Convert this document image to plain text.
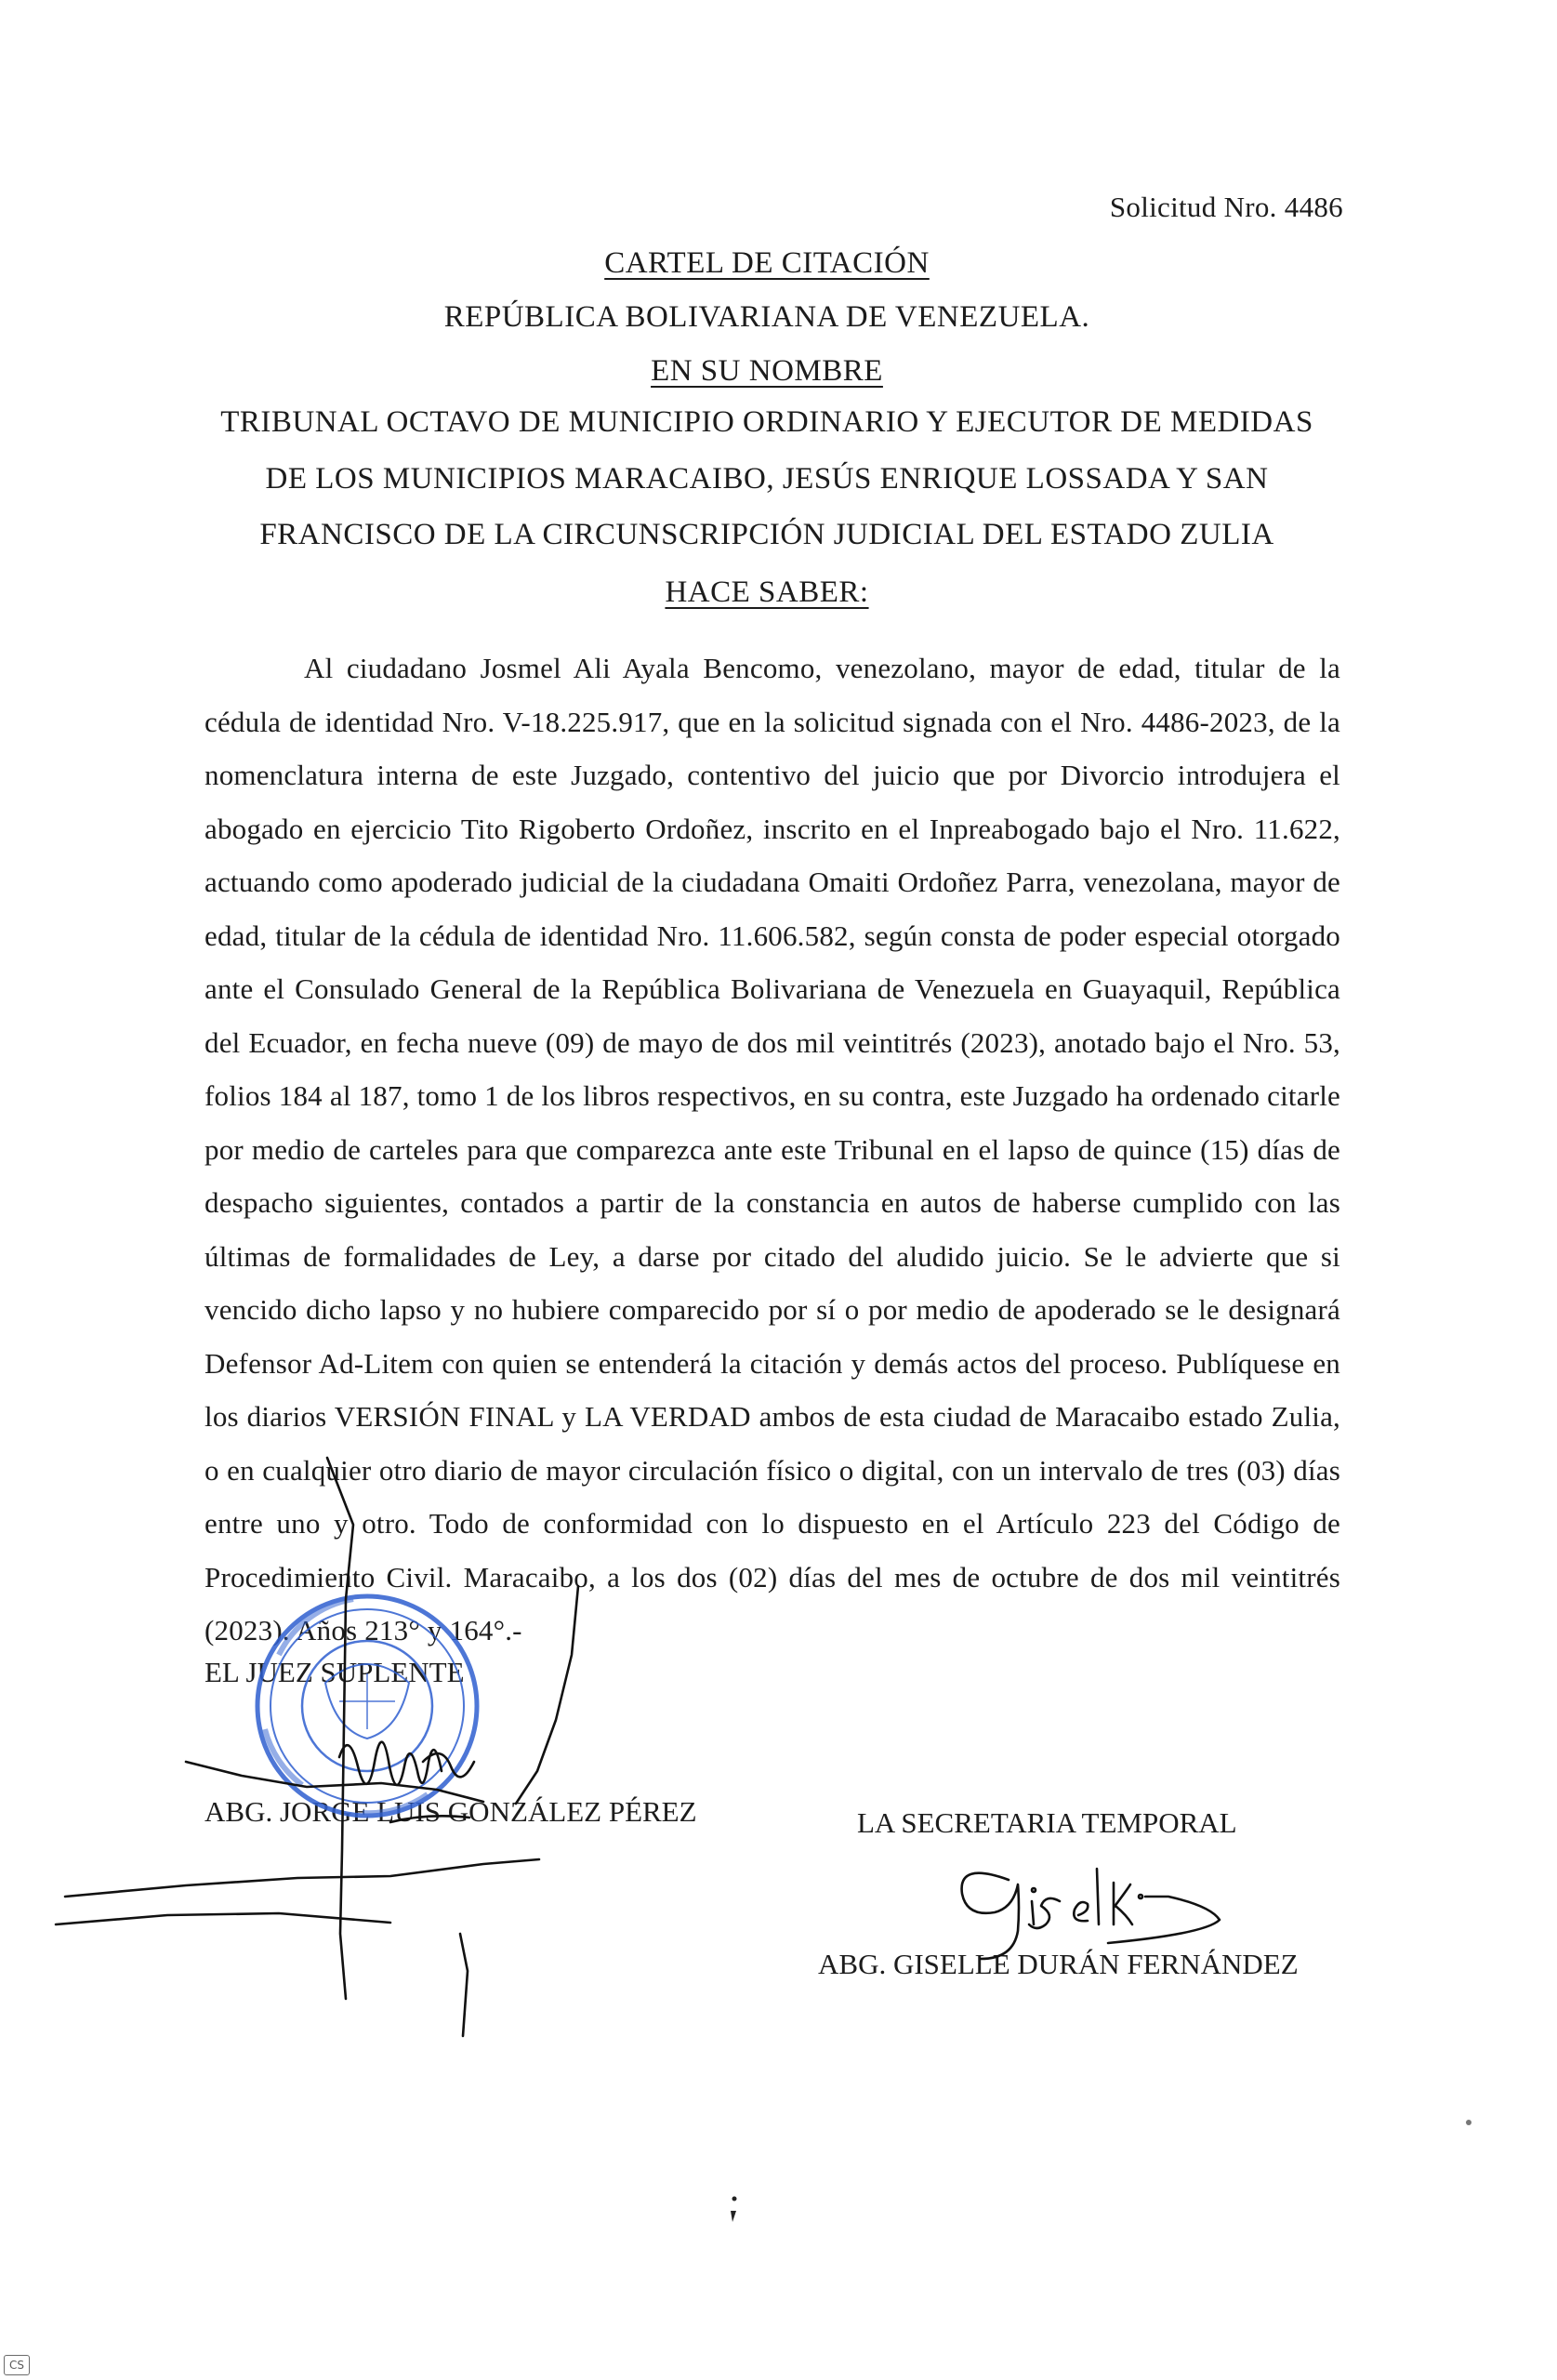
Solicitud Nro. 4486
CARTEL DE CITACIÓN
REPÚBLICA BOLIVARIANA DE VENEZUELA.
EN SU NOMBRE
TRIBUNAL OCTAVO DE MUNICIPIO ORDINARIO Y EJECUTOR DE MEDIDAS
DE LOS MUNICIPIOS MARACAIBO, JESÚS ENRIQUE LOSSADA Y SAN
FRANCISCO DE LA CIRCUNSCRIPCIÓN JUDICIAL DEL ESTADO ZULIA
HACE SABER:

Al ciudadano Josmel Ali Ayala Bencomo, venezolano, mayor de edad, titular de la cédula de identidad Nro. V-18.225.917, que en la solicitud signada con el Nro. 4486-2023, de la nomenclatura interna de este Juzgado, contentivo del juicio que por Divorcio introdujera el abogado en ejercicio Tito Rigoberto Ordoñez, inscrito en el Inpreabogado bajo el Nro. 11.622, actuando como apoderado judicial de la ciudadana Omaiti Ordoñez Parra, venezolana, mayor de edad, titular de la cédula de identidad Nro. 11.606.582, según consta de poder especial otorgado ante el Consulado General de la República Bolivariana de Venezuela en Guayaquil, República del Ecuador, en fecha nueve (09) de mayo de dos mil veintitrés (2023), anotado bajo el Nro. 53, folios 184 al 187, tomo 1 de los libros respectivos, en su contra, este Juzgado ha ordenado citarle por medio de carteles para que comparezca ante este Tribunal en el lapso de quince (15) días de despacho siguientes, contados a partir de la constancia en autos de haberse cumplido con las últimas de formalidades de Ley, a darse por citado del aludido juicio. Se le advierte que si vencido dicho lapso y no hubiere comparecido por sí o por medio de apoderado se le designará Defensor Ad-Litem con quien se entenderá la citación y demás actos del proceso. Publíquese en los diarios VERSIÓN FINAL y LA VERDAD ambos de esta ciudad de Maracaibo estado Zulia, o en cualquier otro diario de mayor circulación físico o digital, con un intervalo de tres (03) días entre uno y otro. Todo de conformidad con lo dispuesto en el Artículo 223 del Código de Procedimiento Civil. Maracaibo, a los dos (02) días del mes de octubre de dos mil veintitrés (2023). Años 213° y 164°.-

EL JUEZ SUPLENTE
ABG. JORGE LUIS GONZÁLEZ PÉREZ	LA SECRETARIA TEMPORAL
ABG. GISELLE DURÁN FERNÁNDEZ
CS
